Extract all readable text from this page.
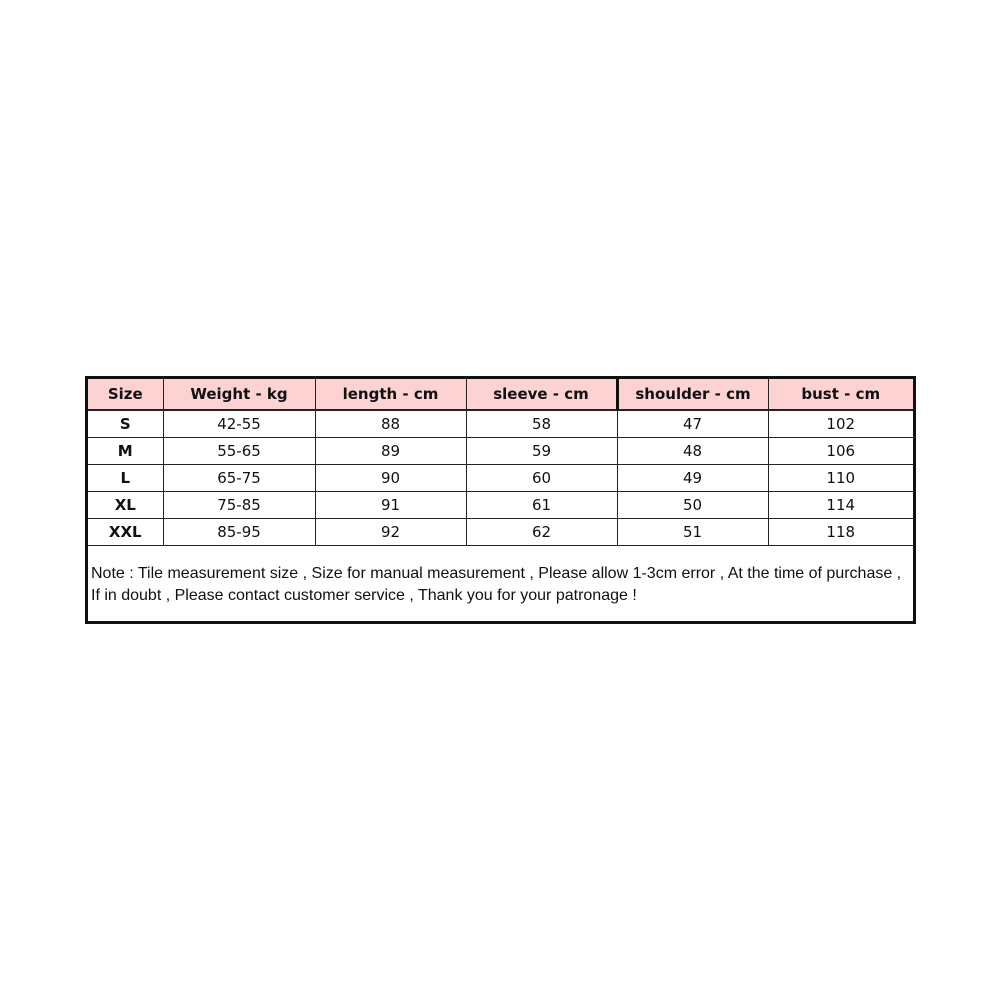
Size	Weight - kg	length - cm	sleeve - cm	shoulder - cm	bust - cm
S	42-55	88	58	47	102
M	55-65	89	59	48	106
L	65-75	90	60	49	110
XL	75-85	91	61	50	114
XXL	85-95	92	62	51	118
Note : Tile measurement size , Size for manual measurement , Please allow 1-3cm error , At the time of purchase , If in doubt , Please contact customer service , Thank you for your patronage !
